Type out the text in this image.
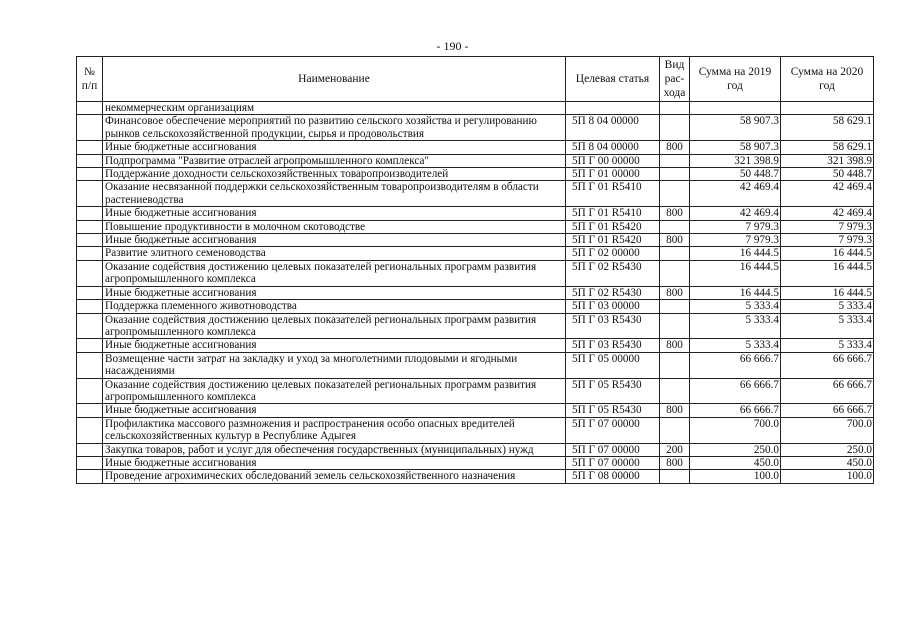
- 190 -
№ п/п	Наименование	Целевая статья	Вид рас-хода	Сумма на 2019 год	Сумма на 2020 год
	некоммерческим организациям				
	Финансовое обеспечение мероприятий по развитию сельского хозяйства и регулированию рынков сельскохозяйственной продукции, сырья и продовольствия	5П 8 04 00000		58 907.3	58 629.1
	Иные бюджетные ассигнования	5П 8 04 00000	800	58 907.3	58 629.1
	Подпрограмма "Развитие отраслей агропромышленного комплекса"	5П Г 00 00000		321 398.9	321 398.9
	Поддержание доходности сельскохозяйственных товаропроизводителей	5П Г 01 00000		50 448.7	50 448.7
	Оказание несвязанной поддержки сельскохозяйственным товаропроизводителям в области растениеводства	5П Г 01 R5410		42 469.4	42 469.4
	Иные бюджетные ассигнования	5П Г 01 R5410	800	42 469.4	42 469.4
	Повышение продуктивности в молочном скотоводстве	5П Г 01 R5420		7 979.3	7 979.3
	Иные бюджетные ассигнования	5П Г 01 R5420	800	7 979.3	7 979.3
	Развитие элитного семеноводства	5П Г 02 00000		16 444.5	16 444.5
	Оказание содействия достижению целевых показателей региональных программ развития агропромышленного комплекса	5П Г 02 R5430		16 444.5	16 444.5
	Иные бюджетные ассигнования	5П Г 02 R5430	800	16 444.5	16 444.5
	Поддержка племенного животноводства	5П Г 03 00000		5 333.4	5 333.4
	Оказание содействия достижению целевых показателей региональных программ развития агропромышленного комплекса	5П Г 03 R5430		5 333.4	5 333.4
	Иные бюджетные ассигнования	5П Г 03 R5430	800	5 333.4	5 333.4
	Возмещение части затрат на закладку и уход за многолетними плодовыми и ягодными насаждениями	5П Г 05 00000		66 666.7	66 666.7
	Оказание содействия достижению целевых показателей региональных программ развития агропромышленного комплекса	5П Г 05 R5430		66 666.7	66 666.7
	Иные бюджетные ассигнования	5П Г 05 R5430	800	66 666.7	66 666.7
	Профилактика массового размножения и распространения особо опасных вредителей сельскохозяйственных культур в Республике Адыгея	5П Г 07 00000		700.0	700.0
	Закупка товаров, работ и услуг для обеспечения государственных (муниципальных) нужд	5П Г 07 00000	200	250.0	250.0
	Иные бюджетные ассигнования	5П Г 07 00000	800	450.0	450.0
	Проведение агрохимических обследований земель сельскохозяйственного назначения	5П Г 08 00000		100.0	100.0
